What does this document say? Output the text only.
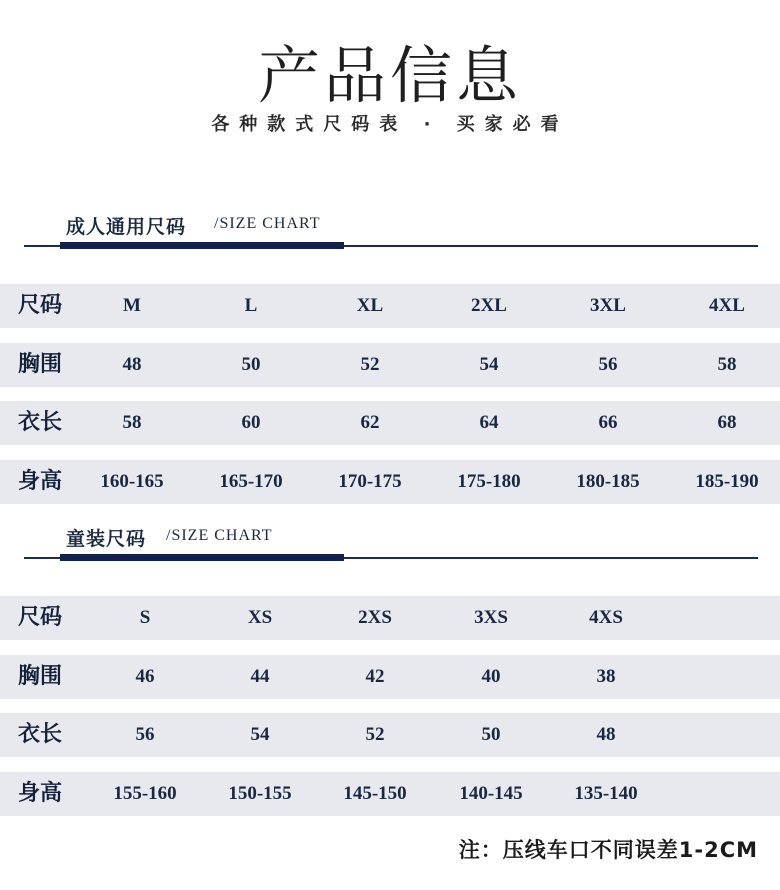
产品信息
各种款式尺码表 · 买家必看
成人通用尺码 /SIZE CHART
尺码	M	L	XL	2XL	3XL	4XL
胸围	48	50	52	54	56	58
衣长	58	60	62	64	66	68
身高	160-165	165-170	170-175	175-180	180-185	185-190
童装尺码 /SIZE CHART
尺码	S	XS	2XS	3XS	4XS
胸围	46	44	42	40	38
衣长	56	54	52	50	48
身高	155-160	150-155	145-150	140-145	135-140
注：压线车口不同误差1-2CM
